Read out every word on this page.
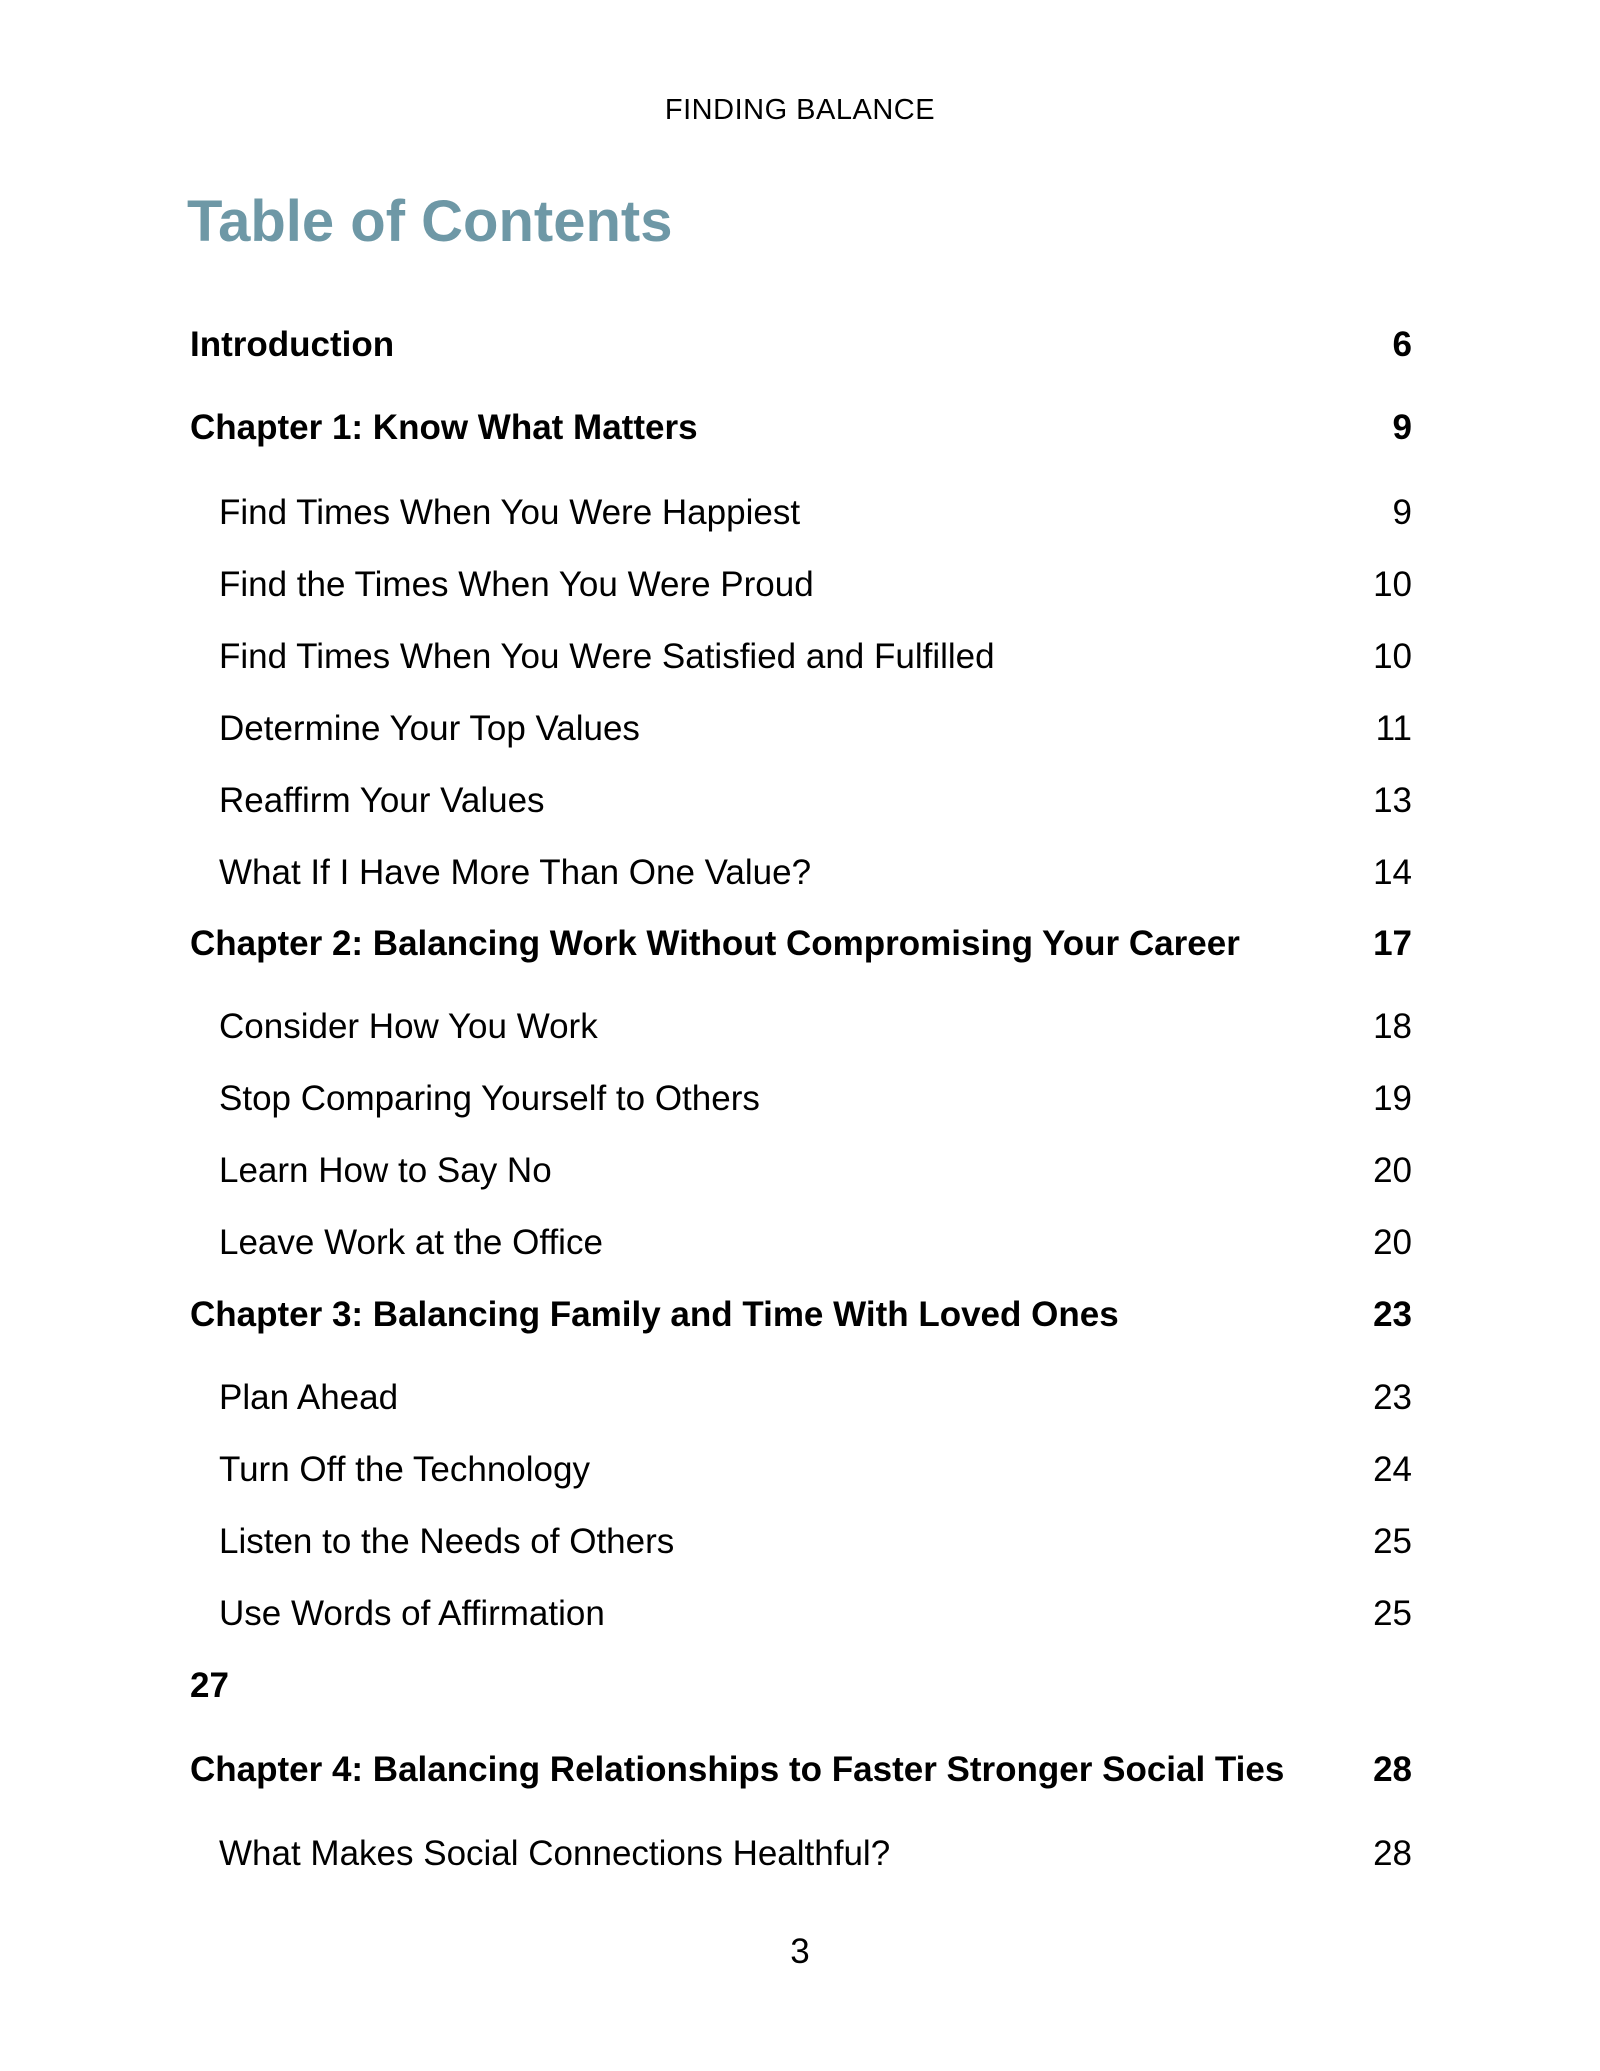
FINDING BALANCE
Table of Contents
Introduction	6
Chapter 1: Know What Matters	9
Find Times When You Were Happiest	9
Find the Times When You Were Proud	10
Find Times When You Were Satisfied and Fulfilled	10
Determine Your Top Values	11
Reaffirm Your Values	13
What If I Have More Than One Value?	14
Chapter 2: Balancing Work Without Compromising Your Career	17
Consider How You Work	18
Stop Comparing Yourself to Others	19
Learn How to Say No	20
Leave Work at the Office	20
Chapter 3: Balancing Family and Time With Loved Ones	23
Plan Ahead	23
Turn Off the Technology	24
Listen to the Needs of Others	25
Use Words of Affirmation	25
27
Chapter 4: Balancing Relationships to Faster Stronger Social Ties	28
What Makes Social Connections Healthful?	28
3
